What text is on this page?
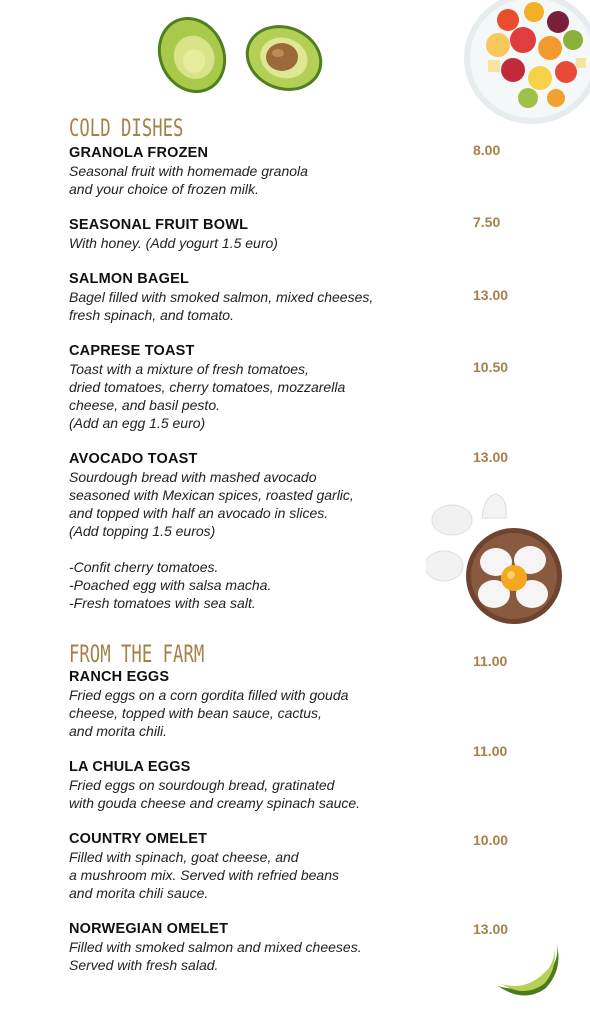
COLD DISHES
GRANOLA FROZEN
Seasonal fruit with homemade granola
and your choice of frozen milk.
8.00
SEASONAL FRUIT BOWL
With honey. (Add yogurt 1.5 euro)
7.50
SALMON BAGEL
Bagel filled with smoked salmon, mixed cheeses,
fresh spinach, and tomato.
13.00
CAPRESE TOAST
Toast with a mixture of fresh tomatoes,
dried tomatoes, cherry tomatoes, mozzarella
cheese, and basil pesto.
(Add an egg 1.5 euro)
10.50
AVOCADO TOAST
Sourdough bread with mashed avocado
seasoned with Mexican spices, roasted garlic,
and topped with half an avocado in slices.
(Add topping 1.5 euros)

-Confit cherry tomatoes.
-Poached egg with salsa macha.
-Fresh tomatoes with sea salt.
13.00
FROM THE FARM
RANCH EGGS
Fried eggs on a corn gordita filled with gouda
cheese, topped with bean sauce, cactus,
and morita chili.
11.00
LA CHULA EGGS
Fried eggs on sourdough bread, gratinated
with gouda cheese and creamy spinach sauce.
11.00
COUNTRY OMELET
Filled with spinach, goat cheese, and
a mushroom mix. Served with refried beans
and morita chili sauce.
10.00
NORWEGIAN OMELET
Filled with smoked salmon and mixed cheeses.
Served with fresh salad.
13.00
